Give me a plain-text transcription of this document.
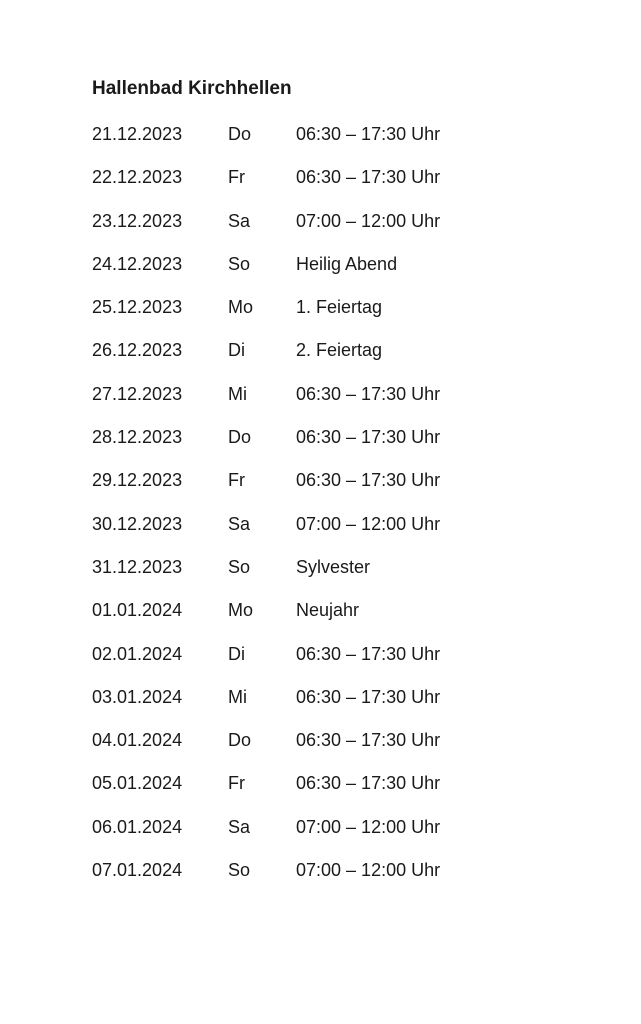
Hallenbad Kirchhellen
21.12.2023	Do 06:30 – 17:30 Uhr
22.12.2023	Fr	06:30 – 17:30 Uhr
23.12.2023	Sa	07:00 – 12:00 Uhr
24.12.2023	So	Heilig Abend
25.12.2023	Mo 1. Feiertag
26.12.2023	Di	2. Feiertag
27.12.2023	Mi	06:30 – 17:30 Uhr
28.12.2023	Do 06:30 – 17:30 Uhr
29.12.2023	Fr	06:30 – 17:30 Uhr
30.12.2023	Sa	07:00 – 12:00 Uhr
31.12.2023	So	Sylvester
01.01.2024	Mo Neujahr
02.01.2024	Di	06:30 – 17:30 Uhr
03.01.2024	Mi	06:30 – 17:30 Uhr
04.01.2024	Do 06:30 – 17:30 Uhr
05.01.2024	Fr	06:30 – 17:30 Uhr
06.01.2024	Sa	07:00 – 12:00 Uhr
07.01.2024	So	07:00 – 12:00 Uhr
